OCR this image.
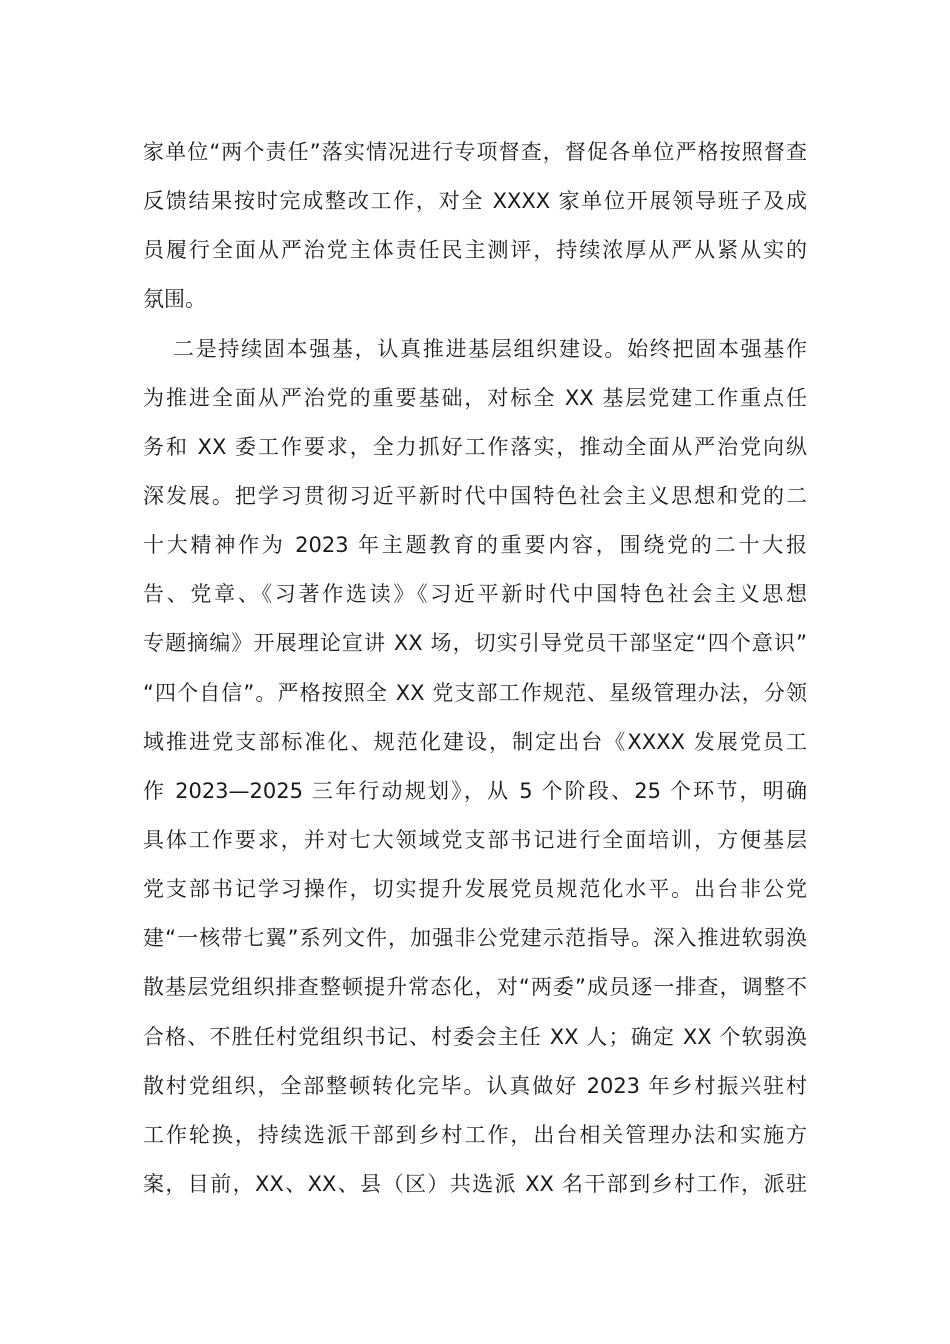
家单位“两个责任”落实情况进行专项督查，督促各单位严格按照督查
反馈结果按时完成整改工作，对全 XXXX 家单位开展领导班子及成
员履行全面从严治党主体责任民主测评，持续浓厚从严从紧从实的
氛围。
二是持续固本强基，认真推进基层组织建设。始终把固本强基作
为推进全面从严治党的重要基础，对标全 XX 基层党建工作重点任
务和 XX 委工作要求，全力抓好工作落实，推动全面从严治党向纵
深发展。把学习贯彻习近平新时代中国特色社会主义思想和党的二
十大精神作为 2023 年主题教育的重要内容，围绕党的二十大报
告、党章、《习著作选读》《习近平新时代中国特色社会主义思想
专题摘编》开展理论宣讲 XX 场，切实引导党员干部坚定“四个意识”
“四个自信”。严格按照全 XX 党支部工作规范、星级管理办法，分领
域推进党支部标准化、规范化建设，制定出台《XXXX 发展党员工
作 2023—2025 三年行动规划》，从 5 个阶段、25 个环节，明确
具体工作要求，并对七大领域党支部书记进行全面培训，方便基层
党支部书记学习操作，切实提升发展党员规范化水平。出台非公党
建“一核带七翼”系列文件，加强非公党建示范指导。深入推进软弱涣
散基层党组织排查整顿提升常态化，对“两委”成员逐一排查，调整不
合格、不胜任村党组织书记、村委会主任 XX 人；确定 XX 个软弱涣
散村党组织，全部整顿转化完毕。认真做好 2023 年乡村振兴驻村
工作轮换，持续选派干部到乡村工作，出台相关管理办法和实施方
案，目前，XX、XX、县（区）共选派 XX 名干部到乡村工作，派驻
